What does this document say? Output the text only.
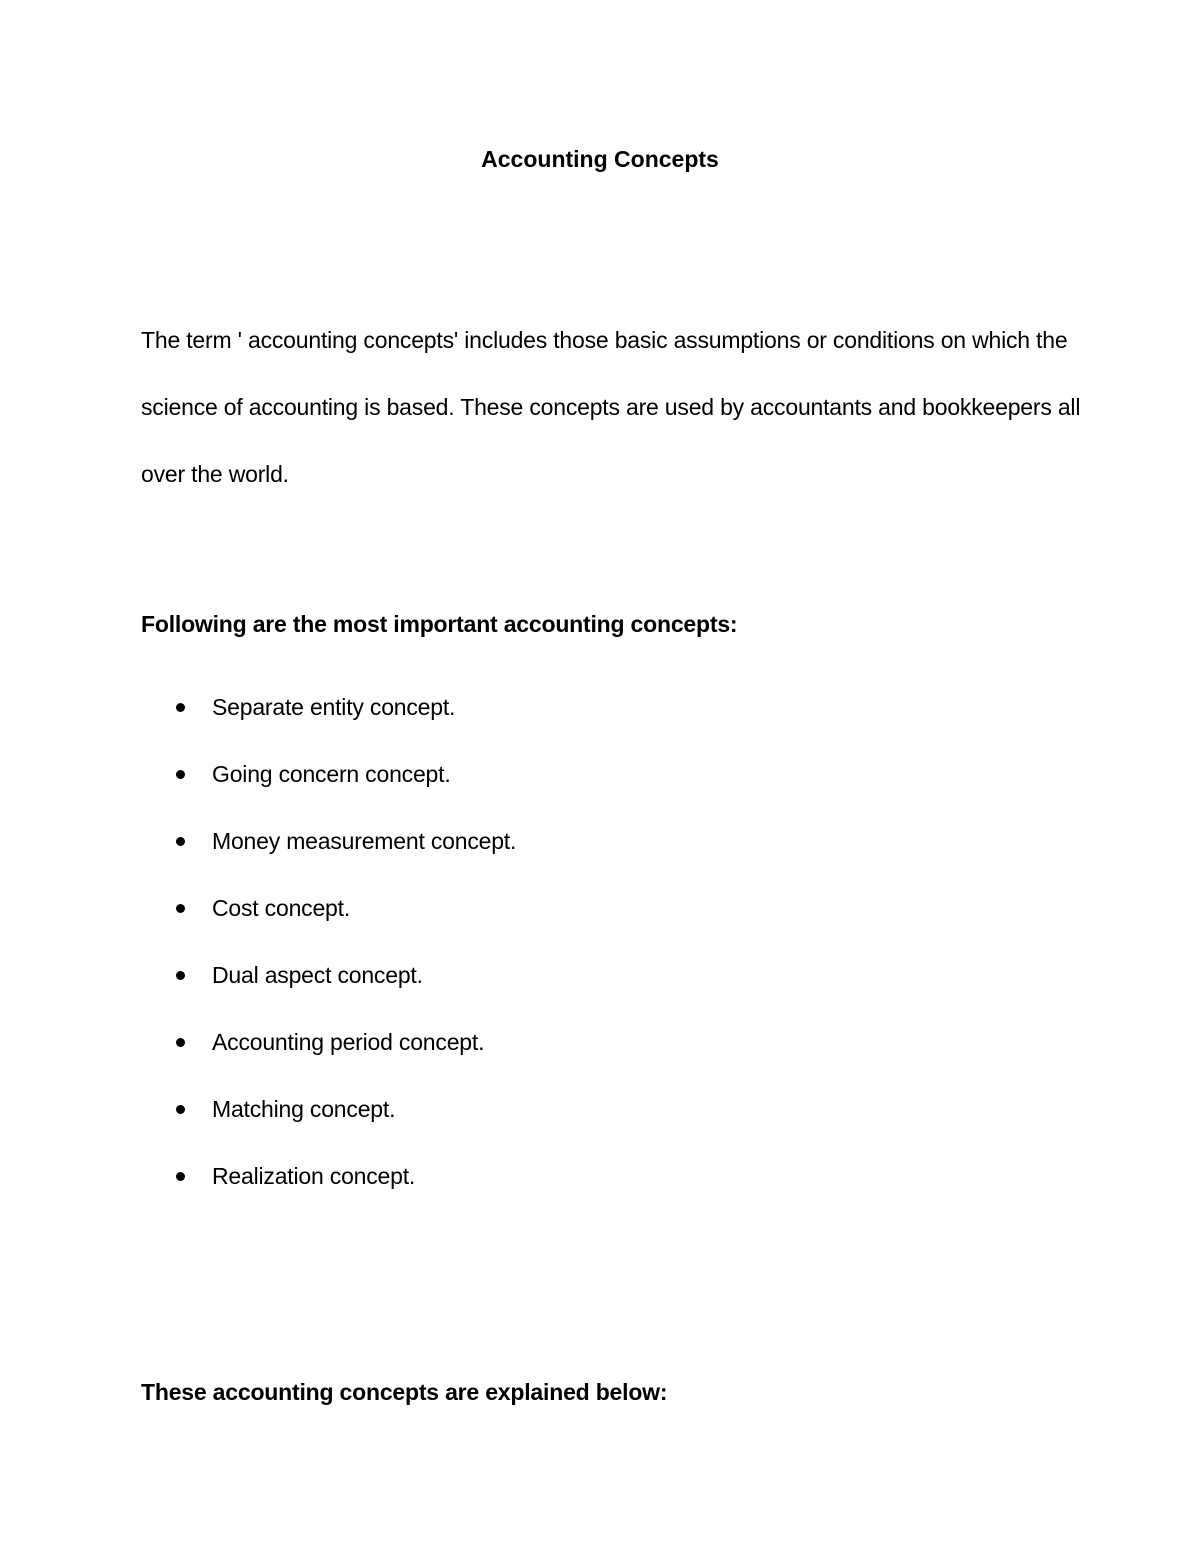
Accounting Concepts

The term ' accounting concepts' includes those basic assumptions or conditions on which the science of accounting is based. These concepts are used by accountants and bookkeepers all over the world.

Following are the most important accounting concepts:

Separate entity concept.
Going concern concept.
Money measurement concept.
Cost concept.
Dual aspect concept.
Accounting period concept.
Matching concept.
Realization concept.

These accounting concepts are explained below:
